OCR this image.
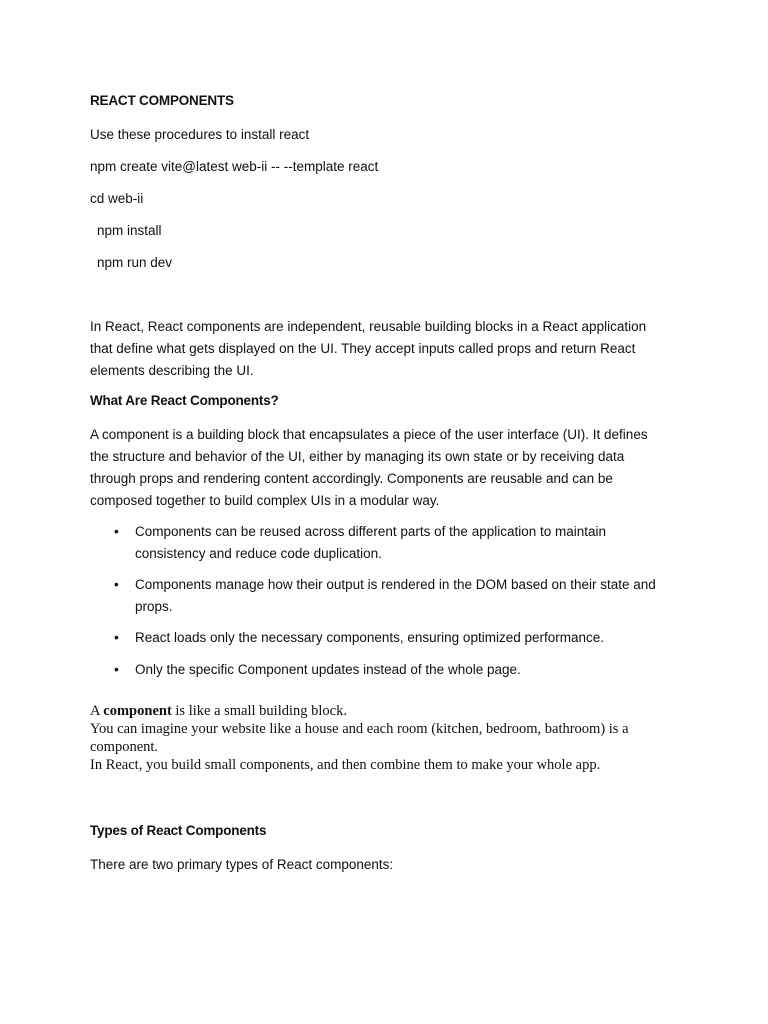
REACT COMPONENTS
Use these procedures to install react
npm create vite@latest web-ii -- --template react
cd web-ii
npm install
npm run dev

In React, React components are independent, reusable building blocks in a React application that define what gets displayed on the UI. They accept inputs called props and return React elements describing the UI.

What Are React Components?

A component is a building block that encapsulates a piece of the user interface (UI). It defines the structure and behavior of the UI, either by managing its own state or by receiving data through props and rendering content accordingly. Components are reusable and can be composed together to build complex UIs in a modular way.

• Components can be reused across different parts of the application to maintain consistency and reduce code duplication.
• Components manage how their output is rendered in the DOM based on their state and props.
• React loads only the necessary components, ensuring optimized performance.
• Only the specific Component updates instead of the whole page.
A component is like a small building block.
You can imagine your website like a house and each room (kitchen, bedroom, bathroom) is a component.
In React, you build small components, and then combine them to make your whole app.
Types of React Components
There are two primary types of React components:
